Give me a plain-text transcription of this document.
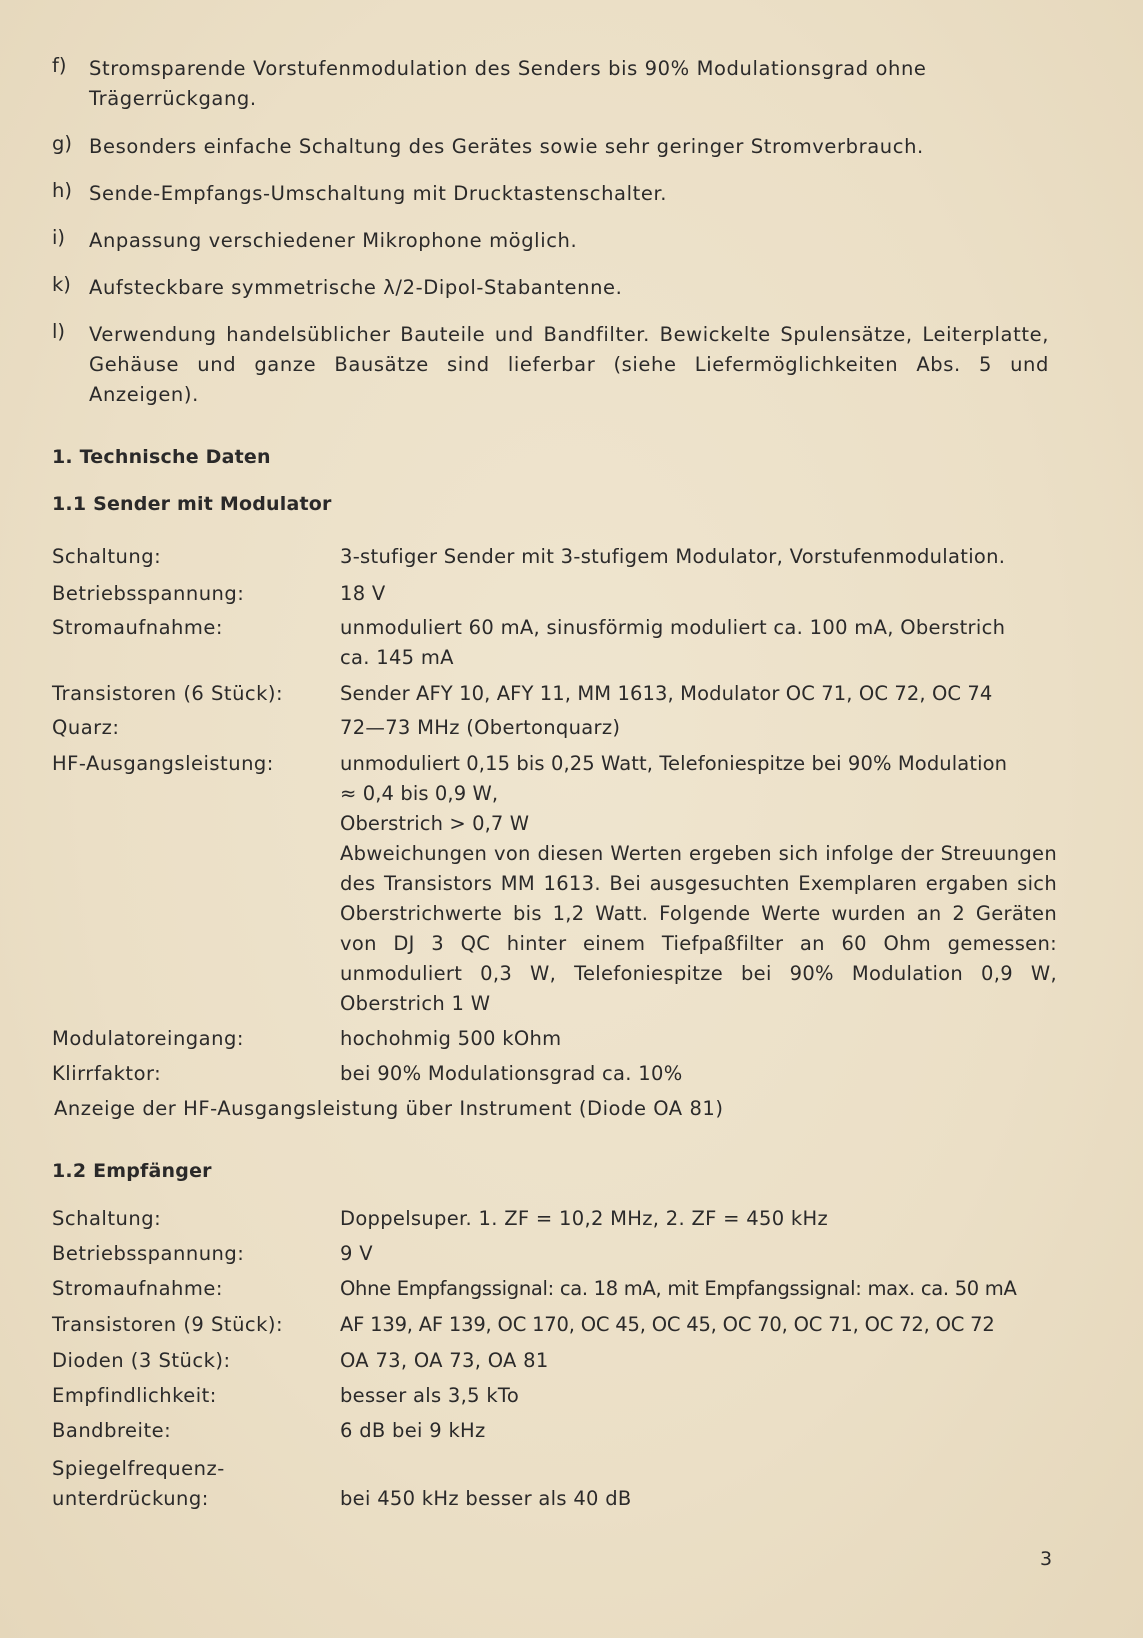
f)	Stromsparende Vorstufenmodulation des Senders bis 90% Modulationsgrad ohne Trägerrückgang.
g) Besonders einfache Schaltung des Gerätes sowie sehr geringer Stromverbrauch.
h) Sende-Empfangs-Umschaltung mit Drucktastenschalter.
i)	Anpassung verschiedener Mikrophone möglich.
k) Aufsteckbare symmetrische λ/2-Dipol-Stabantenne.
l)	Verwendung handelsüblicher Bauteile und Bandfilter. Bewickelte Spulensätze, Leiterplatte, Gehäuse und ganze Bausätze sind lieferbar (siehe Liefermöglichkeiten Abs. 5 und Anzeigen).
1. Technische Daten
1.1 Sender mit Modulator
Schaltung:	3-stufiger Sender mit 3-stufigem Modulator, Vorstufenmodulation.
Betriebsspannung:	18 V
Stromaufnahme:	unmoduliert 60 mA, sinusförmig moduliert ca. 100 mA, Oberstrich ca. 145 mA
Transistoren (6 Stück):	Sender AFY 10, AFY 11, MM 1613, Modulator OC 71, OC 72, OC 74
Quarz:	72—73 MHz (Obertonquarz)
HF-Ausgangsleistung:	unmoduliert 0,15 bis 0,25 Watt, Telefoniespitze bei 90% Modulation
≈ 0,4 bis 0,9 W,
Oberstrich > 0,7 W
Abweichungen von diesen Werten ergeben sich infolge der Streuungen des Transistors MM 1613. Bei ausgesuchten Exemplaren ergaben sich Oberstrichwerte bis 1,2 Watt. Folgende Werte wurden an 2 Geräten von DJ 3 QC hinter einem Tiefpaßfilter an 60 Ohm gemessen: unmoduliert 0,3 W, Telefoniespitze bei 90% Modulation 0,9 W, Oberstrich 1 W
Modulatoreingang:	hochohmig 500 kOhm
Klirrfaktor:	bei 90% Modulationsgrad ca. 10%
Anzeige der HF-Ausgangsleistung über Instrument (Diode OA 81)
1.2 Empfänger
Schaltung:	Doppelsuper. 1. ZF = 10,2 MHz, 2. ZF = 450 kHz
Betriebsspannung:	9 V
Stromaufnahme:	Ohne Empfangssignal: ca. 18 mA, mit Empfangssignal: max. ca. 50 mA
Transistoren (9 Stück):	AF 139, AF 139, OC 170, OC 45, OC 45, OC 70, OC 71, OC 72, OC 72
Dioden (3 Stück):	OA 73, OA 73, OA 81
Empfindlichkeit:	besser als 3,5 kTo
Bandbreite:	6 dB bei 9 kHz
Spiegelfrequenz-
unterdrückung:	bei 450 kHz besser als 40 dB
3
